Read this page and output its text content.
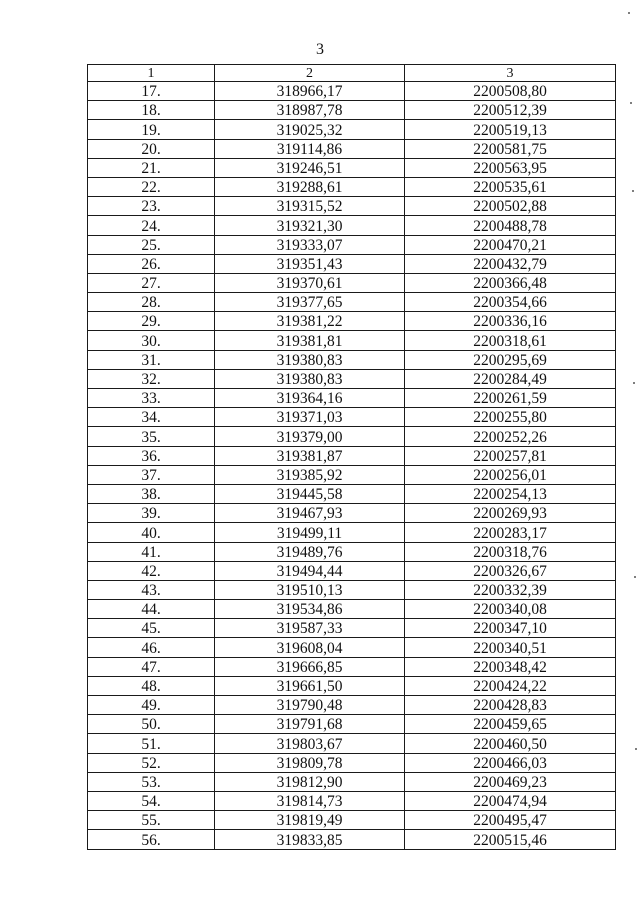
3
1	2	3
17.	318966,17	2200508,80
18.	318987,78	2200512,39
19.	319025,32	2200519,13
20.	319114,86	2200581,75
21.	319246,51	2200563,95
22.	319288,61	2200535,61
23.	319315,52	2200502,88
24.	319321,30	2200488,78
25.	319333,07	2200470,21
26.	319351,43	2200432,79
27.	319370,61	2200366,48
28.	319377,65	2200354,66
29.	319381,22	2200336,16
30.	319381,81	2200318,61
31.	319380,83	2200295,69
32.	319380,83	2200284,49
33.	319364,16	2200261,59
34.	319371,03	2200255,80
35.	319379,00	2200252,26
36.	319381,87	2200257,81
37.	319385,92	2200256,01
38.	319445,58	2200254,13
39.	319467,93	2200269,93
40.	319499,11	2200283,17
41.	319489,76	2200318,76
42.	319494,44	2200326,67
43.	319510,13	2200332,39
44.	319534,86	2200340,08
45.	319587,33	2200347,10
46.	319608,04	2200340,51
47.	319666,85	2200348,42
48.	319661,50	2200424,22
49.	319790,48	2200428,83
50.	319791,68	2200459,65
51.	319803,67	2200460,50
52.	319809,78	2200466,03
53.	319812,90	2200469,23
54.	319814,73	2200474,94
55.	319819,49	2200495,47
56.	319833,85	2200515,46
